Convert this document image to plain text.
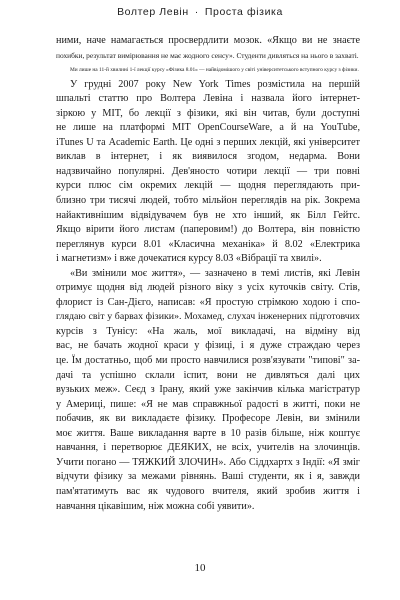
Волтер Левін · Проста фізика
ними, наче намагається просвердлити мозок. «Якщо ви не знаєте
похибки, результат вимірювання не має жодного сенсу». Студенти дивляться на нього в захваті.
Ми лише на 11-й хвилині 1-ї лекції курсу «Фізика 8.01» — найвідомішого у світі університетського вступного курсу з фізики.
У грудні 2007 року New York Times розмістила на першій
шпальті статтю про Волтера Левіна і назвала його інтернет-
зіркою у MIT, бо лекції з фізики, які він читав, були доступні
не лише на платформі MIT OpenCourseWare, а й на YouTube,
iTunes U та Academic Earth. Це одні з перших лекцій, які університет
виклав в інтернет, і як виявилося згодом, недарма. Вони
надзвичайно популярні. Дев'яносто чотири лекції — три повні
курси плюс сім окремих лекцій — щодня переглядають при-
близно три тисячі людей, тобто мільйон переглядів на рік. Зокрема
найактивнішим відвідувачем був не хто інший, як Білл Гейтс.
Якщо вірити його листам (паперовим!) до Волтера, він повністю
переглянув курси 8.01 «Класична механіка» й 8.02 «Електрика
і магнетизм» і вже дочекатися курсу 8.03 «Вібрації та хвилі».
«Ви змінили моє життя», — зазначено в темі листів, які Левін
отримує щодня від людей різного віку з усіх куточків світу. Стів,
флорист із Сан-Дієго, написав: «Я простую стрімкою ходою і спо-
глядаю світ у барвах фізики». Мохамед, слухач інженерних підготовчих
курсів з Тунісу: «На жаль, мої викладачі, на відміну від
вас, не бачать жодної краси у фізиці, і я дуже страждаю через
це. Їм достатньо, щоб ми просто навчилися розв'язувати "типові" за-
дачі та успішно склали іспит, вони не дивляться далі цих
вузьких меж». Сеєд з Ірану, який уже закінчив кілька магістратур
у Америці, пише: «Я не мав справжньої радості в житті, поки не
побачив, як ви викладаєте фізику. Професоре Левін, ви змінили
моє життя. Ваше викладання варте в 10 разів більше, ніж коштує
навчання, і перетворює ДЕЯКИХ, не всіх, учителів на злочинців.
Учити погано — ТЯЖКИЙ ЗЛОЧИН». Або Сіддхартх з Індії: «Я зміг
відчути фізику за межами рівнянь. Ваші студенти, як і я, завжди
пам'ятатимуть вас як чудового вчителя, який зробив життя і
навчання цікавішим, ніж можна собі уявити».
10
